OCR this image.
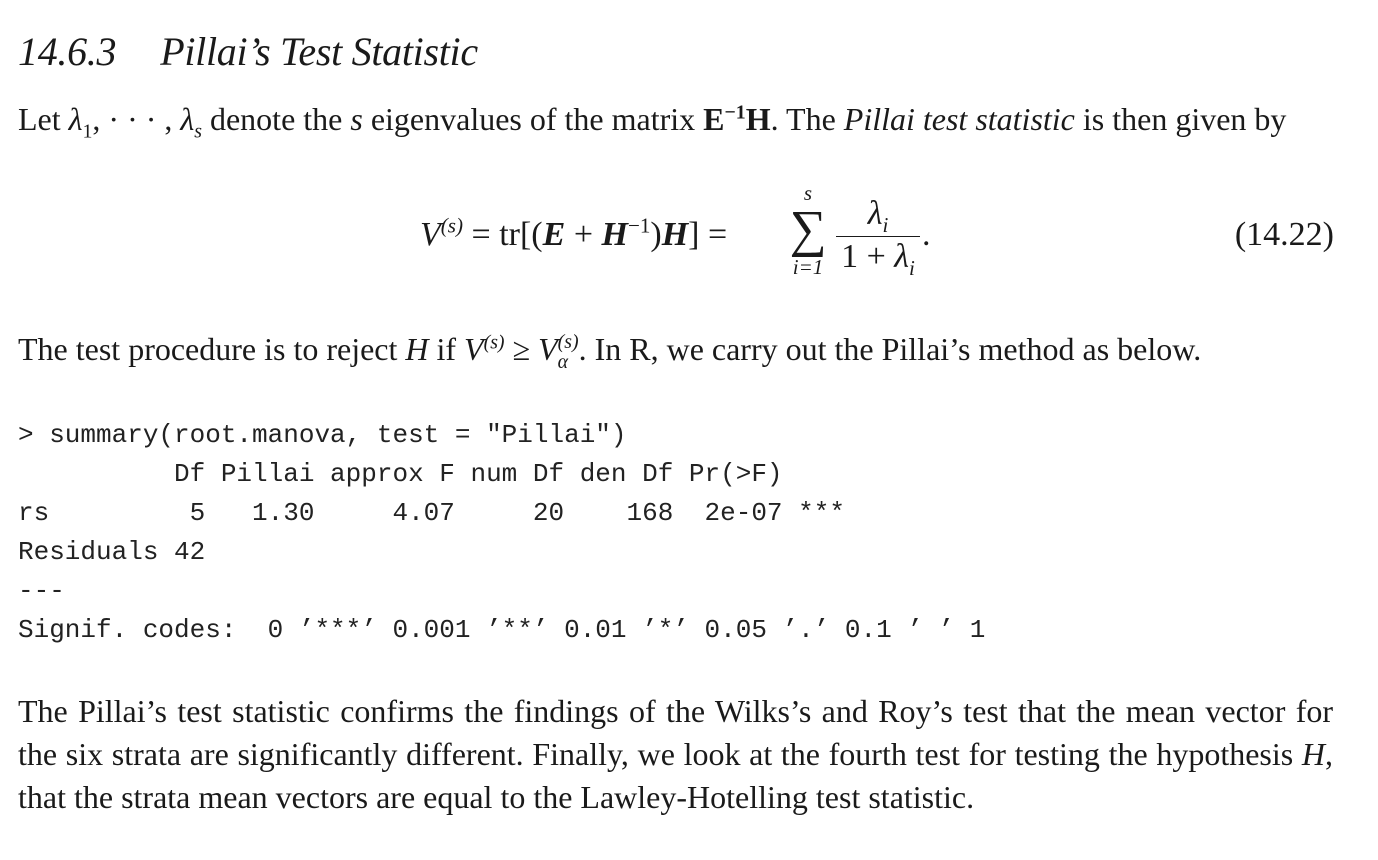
14.6.3 Pillai’s Test Statistic
Let $\lambda_1$, · · · , $\lambda_s$ denote the s eigenvalues of the matrix $E^{-1}H$. The Pillai test statistic is then given by
$V^{(s)} = tr[(E + H^{-1})H]$ =
s
∑
$i=1 \frac{\lambda_i}{1 + \lambda_i}$ .	(14.22)
The test procedure is to reject H if $V^{(s)} \ge V$ (s)
α . In R, we carry out the Pillai’s method as below.
> summary(root.manova, test = "Pillai")
Df Pillai approx F num Df den Df Pr(>F)
rs         5   1.30     4.07     20    168  2e-07 ***
Residuals 42
---
Signif. codes:  0 ’***’ 0.001 ’**’ 0.01 ’*’ 0.05 ’.’ 0.1 ’ ’ 1
The Pillai’s test statistic confirms the findings of the Wilks’s and Roy’s test that the mean vector for the six strata are significantly different. Finally, we look at the fourth test for testing the hypothesis H, that the strata mean vectors are equal to the Lawley-Hotelling test statistic.
